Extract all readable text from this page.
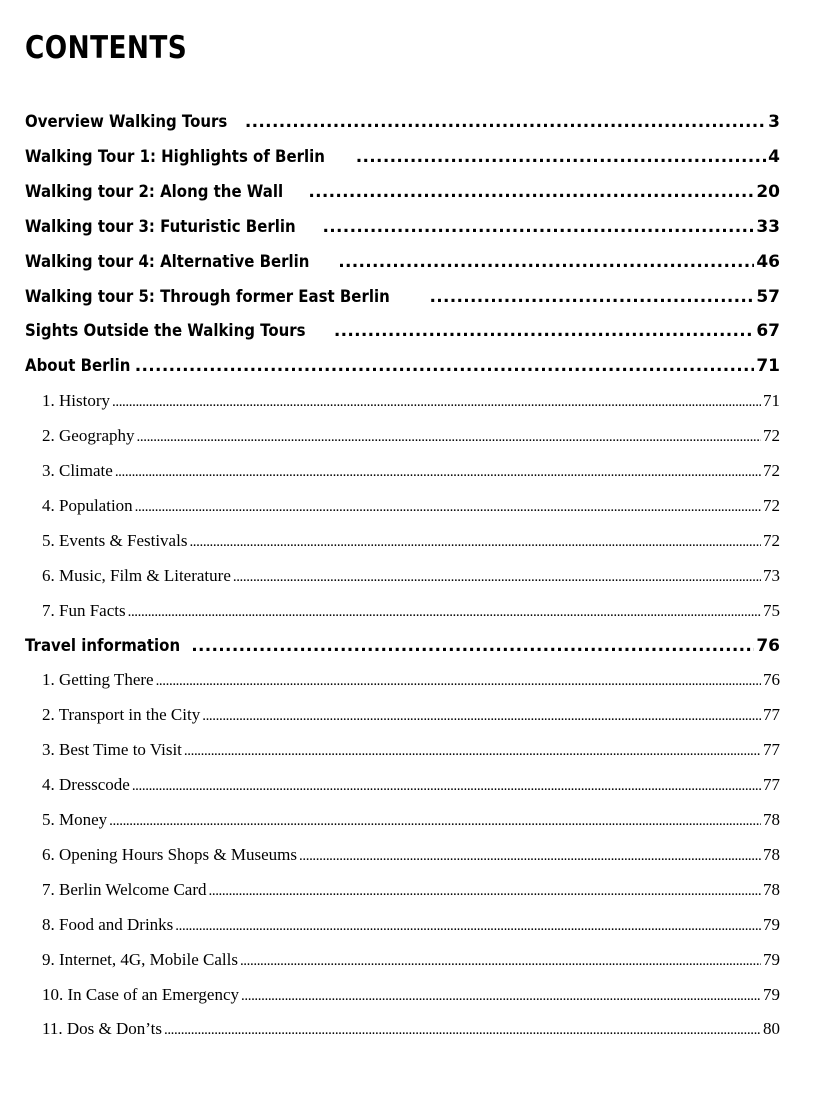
CONTENTS
Overview Walking Tours .....	3
Walking Tour 1: Highlights of Berlin .....	4
Walking tour 2: Along the Wall .....	20
Walking tour 3: Futuristic Berlin .....	33
Walking tour 4: Alternative Berlin .....	46
Walking tour 5: Through former East Berlin .....	57
Sights Outside the Walking Tours .....	67
About Berlin .....	71
1. History .....	71
2. Geography .....	72
3. Climate .....	72
4. Population .....	72
5. Events & Festivals .....	72
6. Music, Film & Literature .....	73
7. Fun Facts .....	75
Travel information .....	76
1. Getting There .....	76
2. Transport in the City .....	77
3. Best Time to Visit .....	77
4. Dresscode .....	77
5. Money .....	78
6. Opening Hours Shops & Museums .....	78
7. Berlin Welcome Card .....	78
8. Food and Drinks .....	79
9. Internet, 4G, Mobile Calls .....	79
10. In Case of an Emergency .....	79
11. Dos & Don’ts .....	80
